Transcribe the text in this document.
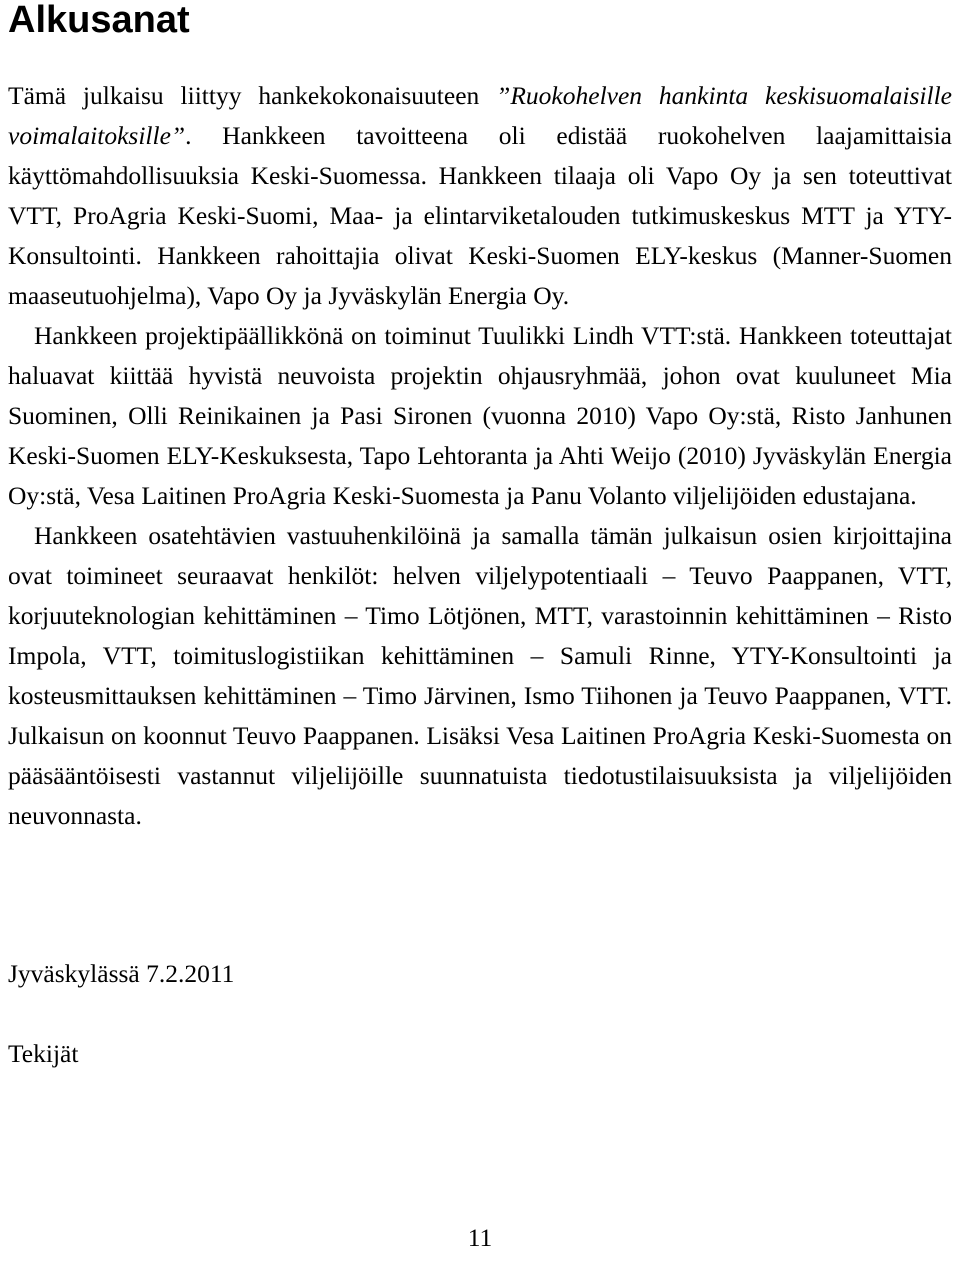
Alkusanat

Tämä julkaisu liittyy hankekokonaisuuteen ”Ruokohelven hankinta keskisuomalaisille voimalaitoksille”. Hankkeen tavoitteena oli edistää ruokohelven laajamittaisia käyttömahdollisuuksia Keski-Suomessa. Hankkeen tilaaja oli Vapo Oy ja sen toteuttivat VTT, ProAgria Keski-Suomi, Maa- ja elintarviketalouden tutkimuskeskus MTT ja YTY-Konsultointi. Hankkeen rahoittajia olivat Keski-Suomen ELY-keskus (Manner-Suomen maaseutuohjelma), Vapo Oy ja Jyväskylän Energia Oy.

Hankkeen projektipäällikkönä on toiminut Tuulikki Lindh VTT:stä. Hankkeen toteuttajat haluavat kiittää hyvistä neuvoista projektin ohjausryhmää, johon ovat kuuluneet Mia Suominen, Olli Reinikainen ja Pasi Sironen (vuonna 2010) Vapo Oy:stä, Risto Janhunen Keski-Suomen ELY-Keskuksesta, Tapo Lehtoranta ja Ahti Weijo (2010) Jyväskylän Energia Oy:stä, Vesa Laitinen ProAgria Keski-Suomesta ja Panu Volanto viljelijöiden edustajana.

Hankkeen osatehtävien vastuuhenkilöinä ja samalla tämän julkaisun osien kirjoittajina ovat toimineet seuraavat henkilöt: helven viljelypotentiaali – Teuvo Paappanen, VTT, korjuuteknologian kehittäminen – Timo Lötjönen, MTT, varastoinnin kehittäminen – Risto Impola, VTT, toimituslogistiikan kehittäminen – Samuli Rinne, YTY-Konsultointi ja kosteusmittauksen kehittäminen – Timo Järvinen, Ismo Tiihonen ja Teuvo Paappanen, VTT. Julkaisun on koonnut Teuvo Paappanen. Lisäksi Vesa Laitinen ProAgria Keski-Suomesta on pääsääntöisesti vastannut viljelijöille suunnatuista tiedotustilaisuuksista ja viljelijöiden neuvonnasta.

Jyväskylässä 7.2.2011

Tekijät

11
